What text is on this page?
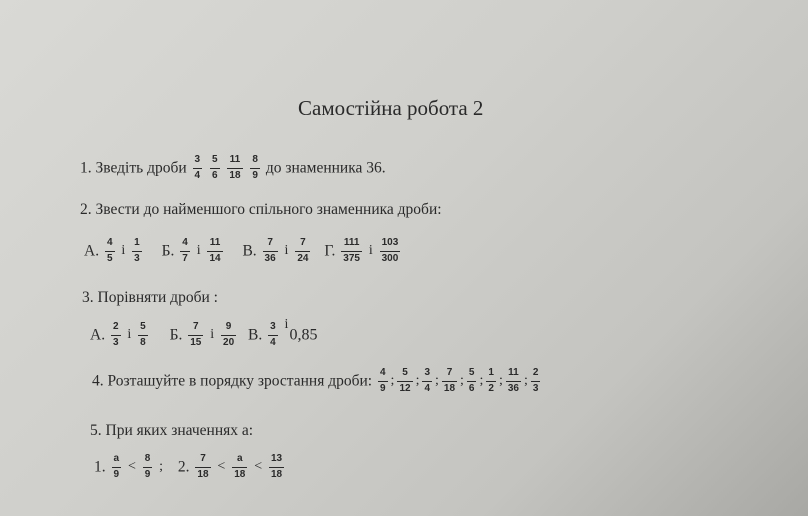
Самостійна робота 2
1. Зведіть дроби $\frac{3}{4}$
$\frac{5}{6}$
$\frac{11}{18}$
$\frac{8}{9}$ до знаменника 36.
2. Звести до найменшого спільного знаменника дроби:
А. $\frac{4}{5}$ і $\frac{1}{3} Б$. $\frac{4}{7}$ і $\frac{11}{14} В$. $\frac{7}{36}$ і $\frac{7}{24} Г$. $\frac{111}{375}$ і $\frac{103}{300}$
3. Порівняти дроби :
А. $\frac{2}{3}$ і $\frac{5}{8} Б$. $\frac{7}{15}$ і $\frac{9}{20} В$. $\frac{3}{4} і0,85$
4. Розташуйте в порядку зростання дроби: $\frac{4}{9}$ ; $\frac{5}{12}$ ; $\frac{3}{4}$ ; $\frac{7}{18}$ ; $\frac{5}{6}$ ; $\frac{1}{2}$ ; $\frac{11}{36}$ ; $\frac{2}{3}$
5. При яких значеннях а:
1. $\frac{a}{9} < \frac{8}{9}$ ; 2. $\frac{7}{18} < \frac{a}{18} < \frac{13}{18}$
